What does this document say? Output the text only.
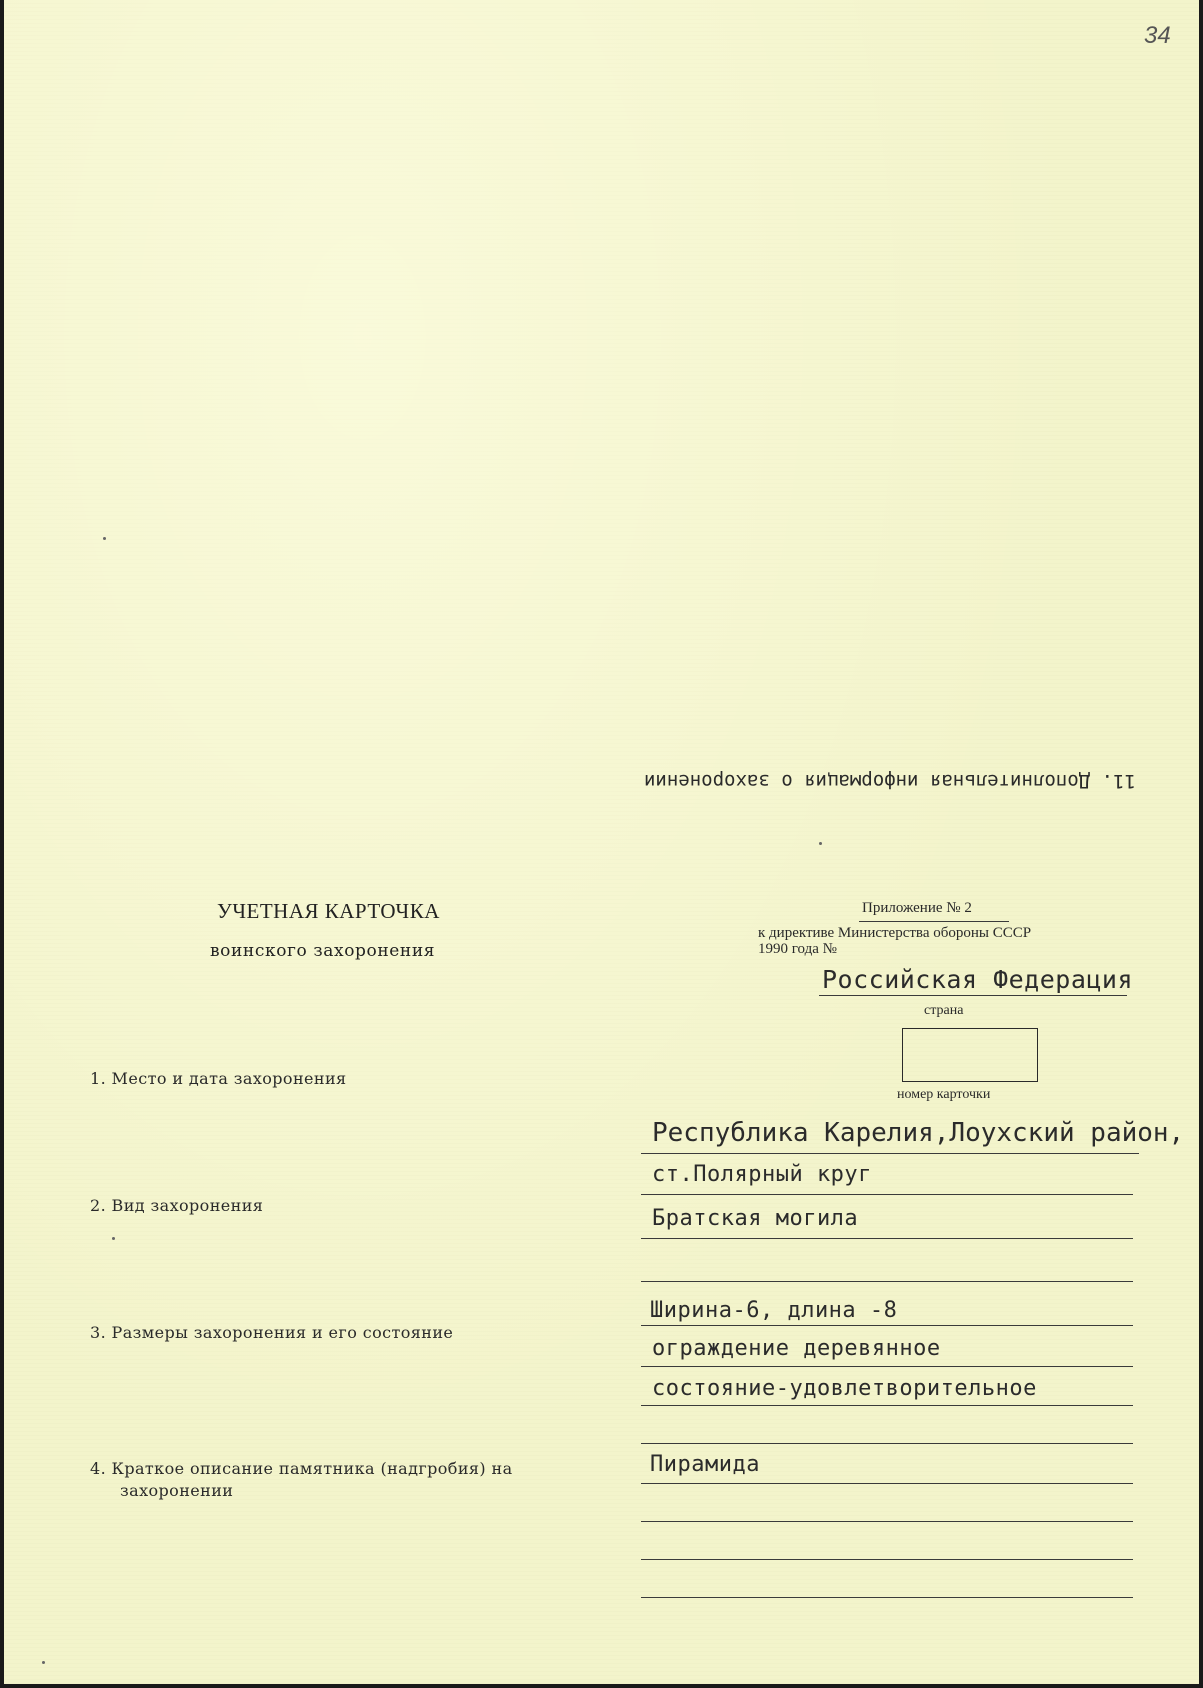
34
11. Дополнительная информация о захоронении
УЧЕТНАЯ КАРТОЧКА
воинского захоронения
Приложение № 2
к директиве Министерства обороны СССР
1990 года №
Российская Федерация
страна
номер карточки
1. Место и дата захоронения
Республика Карелия,Лоухский район,
ст.Полярный круг
2. Вид захоронения
Братская могила
3. Размеры захоронения и его состояние
Ширина-6, длина -8
ограждение деревянное
состояние-удовлетворительное
4. Краткое описание памятника (надгробия) на
захоронении
Пирамида
